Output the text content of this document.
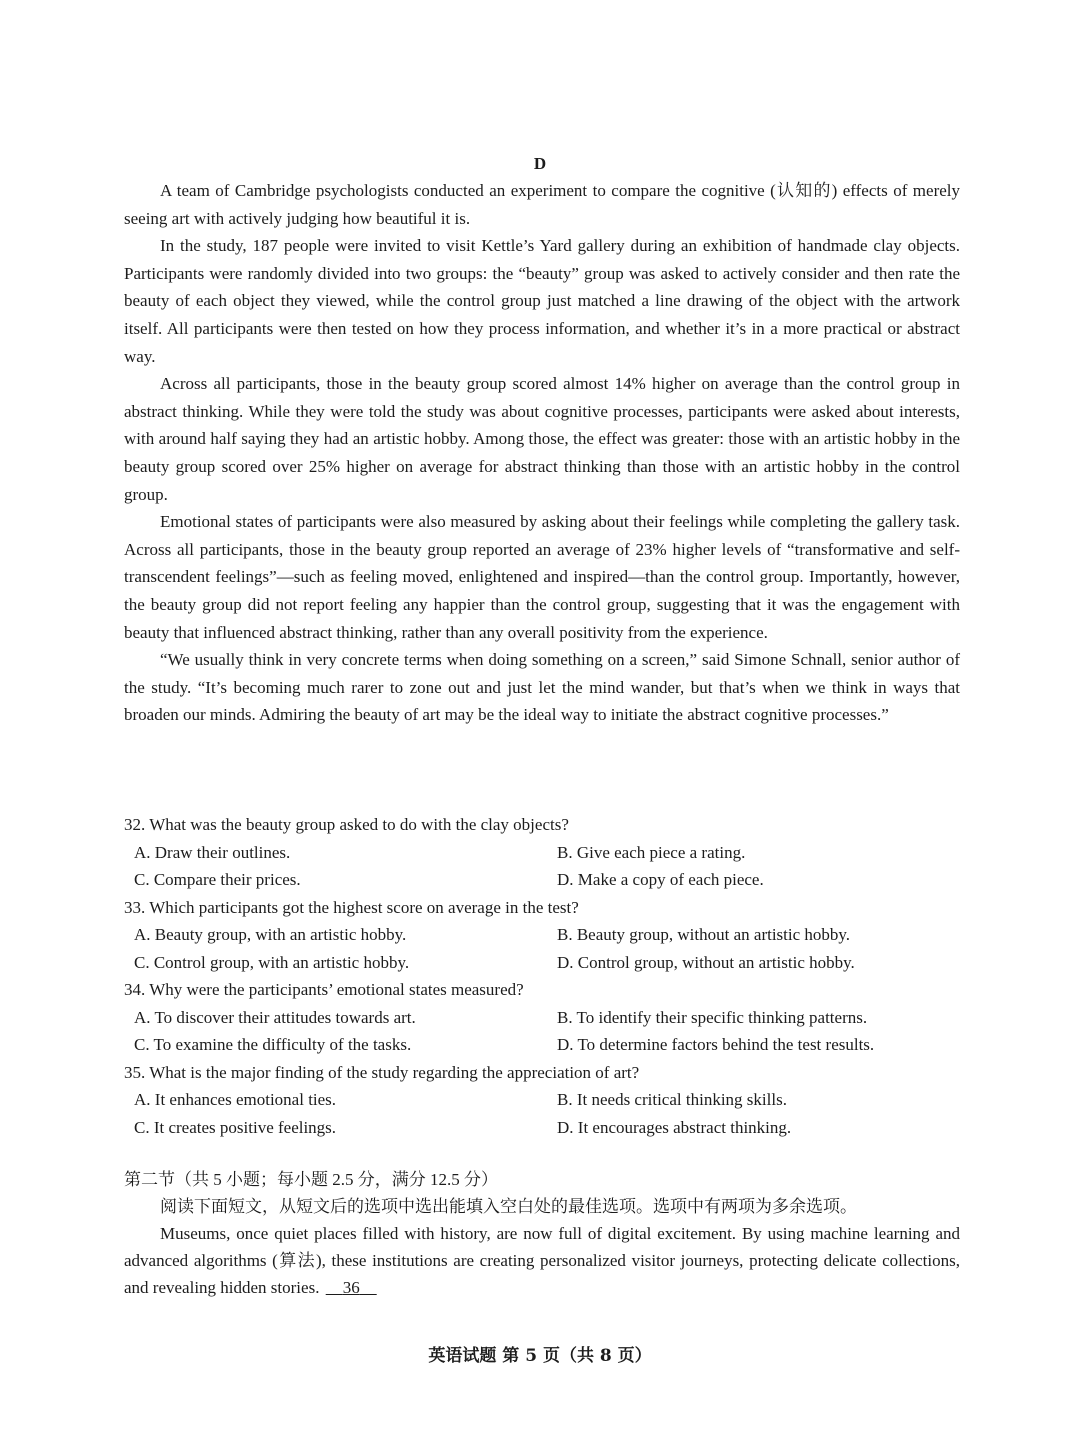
D

A team of Cambridge psychologists conducted an experiment to compare the cognitive (认知的) effects of merely seeing art with actively judging how beautiful it is.

In the study, 187 people were invited to visit Kettle’s Yard gallery during an exhibition of handmade clay objects. Participants were randomly divided into two groups: the “beauty” group was asked to actively consider and then rate the beauty of each object they viewed, while the control group just matched a line drawing of the object with the artwork itself. All participants were then tested on how they process information, and whether it’s in a more practical or abstract way.

Across all participants, those in the beauty group scored almost 14% higher on average than the control group in abstract thinking. While they were told the study was about cognitive processes, participants were asked about interests, with around half saying they had an artistic hobby. Among those, the effect was greater: those with an artistic hobby in the beauty group scored over 25% higher on average for abstract thinking than those with an artistic hobby in the control group.

Emotional states of participants were also measured by asking about their feelings while completing the gallery task. Across all participants, those in the beauty group reported an average of 23% higher levels of “transformative and self-transcendent feelings”—such as feeling moved, enlightened and inspired—than the control group. Importantly, however, the beauty group did not report feeling any happier than the control group, suggesting that it was the engagement with beauty that influenced abstract thinking, rather than any overall positivity from the experience.

“We usually think in very concrete terms when doing something on a screen,” said Simone Schnall, senior author of the study. “It’s becoming much rarer to zone out and just let the mind wander, but that’s when we think in ways that broaden our minds. Admiring the beauty of art may be the ideal way to initiate the abstract cognitive processes.”

32. What was the beauty group asked to do with the clay objects?
A. Draw their outlines.	B. Give each piece a rating.
C. Compare their prices.	D. Make a copy of each piece.
33. Which participants got the highest score on average in the test?
A. Beauty group, with an artistic hobby.	B. Beauty group, without an artistic hobby.
C. Control group, with an artistic hobby.	D. Control group, without an artistic hobby.
34. Why were the participants’ emotional states measured?
A. To discover their attitudes towards art.	B. To identify their specific thinking patterns.
C. To examine the difficulty of the tasks.	D. To determine factors behind the test results.
35. What is the major finding of the study regarding the appreciation of art?
A. It enhances emotional ties.	B. It needs critical thinking skills.
C. It creates positive feelings.	D. It encourages abstract thinking.

第二节（共 5 小题；每小题 2.5 分，满分 12.5 分）

阅读下面短文，从短文后的选项中选出能填入空白处的最佳选项。选项中有两项为多余选项。

Museums, once quiet places filled with history, are now full of digital excitement. By using machine learning and advanced algorithms (算法), these institutions are creating personalized visitor journeys, protecting delicate collections, and revealing hidden stories. 36

英语试题 第 5 页（共 8 页）
